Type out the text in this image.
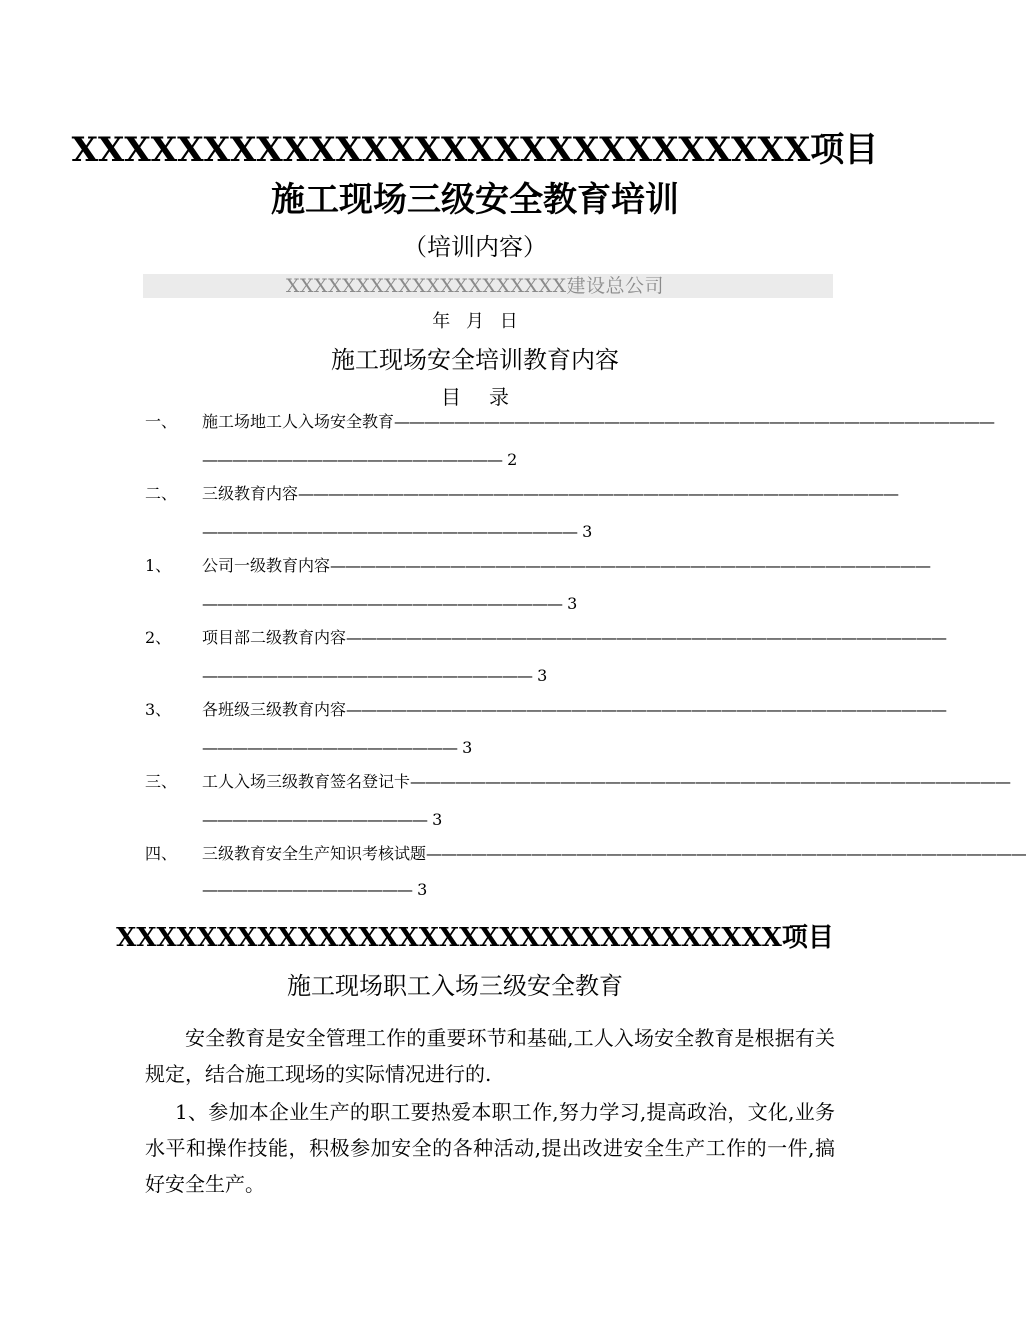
XXXXXXXXXXXXXXXXXXXXXXXXXXXX项目
施工现场三级安全教育培训
（培训内容）
XXXXXXXXXXXXXXXXXXXX建设总公司
年 月 日
施工现场安全培训教育内容
目录
一、 施工场地工人入场安全教育————————————————————————————————————————
———————————————————— 2
二、 三级教育内容————————————————————————————————————————
————————————————————————— 3
1、 公司一级教育内容————————————————————————————————————————
———————————————————————— 3
2、 项目部二级教育内容————————————————————————————————————————
—————————————————————— 3
3、 各班级三级教育内容————————————————————————————————————————
————————————————— 3
三、 工人入场三级教育签名登记卡————————————————————————————————————————
——————————————— 3
四、 三级教育安全生产知识考核试题————————————————————————————————————————
—————————————— 3
XXXXXXXXXXXXXXXXXXXXXXXXXXXXXXXXX项目
施工现场职工入场三级安全教育
安全教育是安全管理工作的重要环节和基础,工人入场安全教育是根据有关规定，结合施工现场的实际情况进行的.
1、参加本企业生产的职工要热爱本职工作,努力学习,提高政治，文化,业务水平和操作技能，积极参加安全的各种活动,提出改进安全生产工作的一件,搞好安全生产。
